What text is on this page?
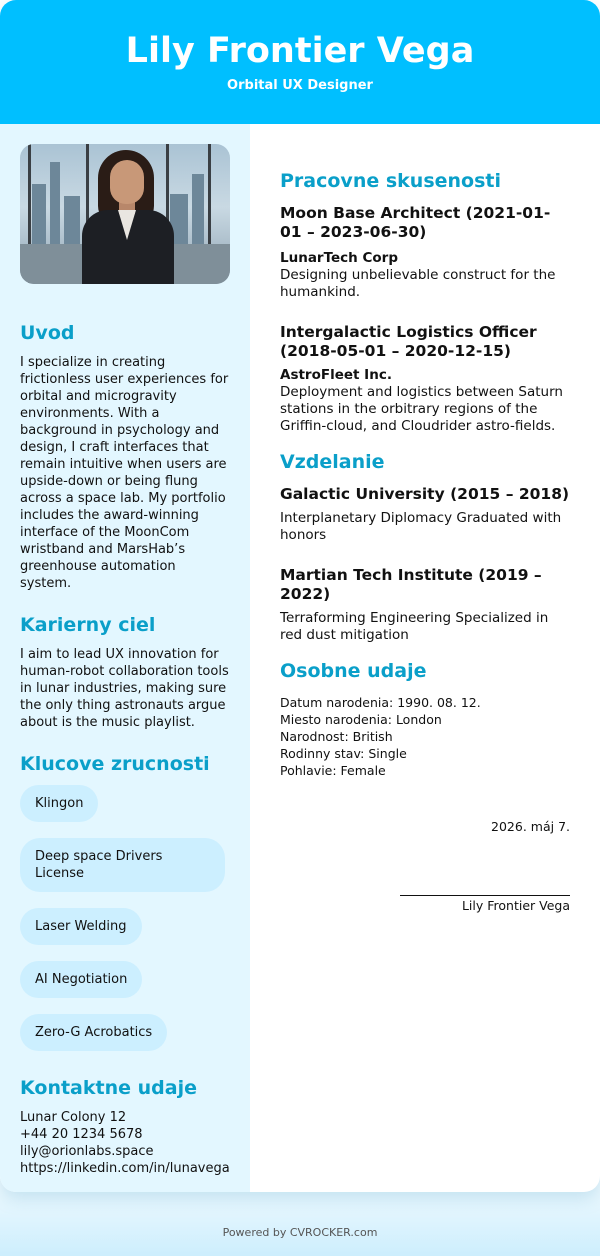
Lily Frontier Vega
Orbital UX Designer
Uvod

I specialize in creating frictionless user experiences for orbital and microgravity environments. With a background in psychology and design, I craft interfaces that remain intuitive when users are upside-down or being flung across a space lab. My portfolio includes the award-winning interface of the MoonCom wristband and MarsHab’s greenhouse automation system.

Karierny ciel

I aim to lead UX innovation for human-robot collaboration tools in lunar industries, making sure the only thing astronauts argue about is the music playlist.

Klucove zrucnosti
Klingon
Deep space Drivers License
Laser Welding
AI Negotiation
Zero-G Acrobatics
Kontaktne udaje
Lunar Colony 12
+44 20 1234 5678
lily@orionlabs.space
https://linkedin.com/in/lunavega
Pracovne skusenosti
Moon Base Architect (2021-01-01 – 2023-06-30)
LunarTech Corp
Designing unbelievable construct for the humankind.
Intergalactic Logistics Officer (2018-05-01 – 2020-12-15)
AstroFleet Inc.
Deployment and logistics between Saturn stations in the orbitrary regions of the Griffin-cloud, and Cloudrider astro-fields.
Vzdelanie
Galactic University (2015 – 2018)
Interplanetary Diplomacy Graduated with honors
Martian Tech Institute (2019 – 2022)
Terraforming Engineering Specialized in red dust mitigation
Osobne udaje
Datum narodenia: 1990. 08. 12.
Miesto narodenia: London
Narodnost: British
Rodinny stav: Single
Pohlavie: Female
2026. máj 7.
Lily Frontier Vega
Powered by CVROCKER.com
